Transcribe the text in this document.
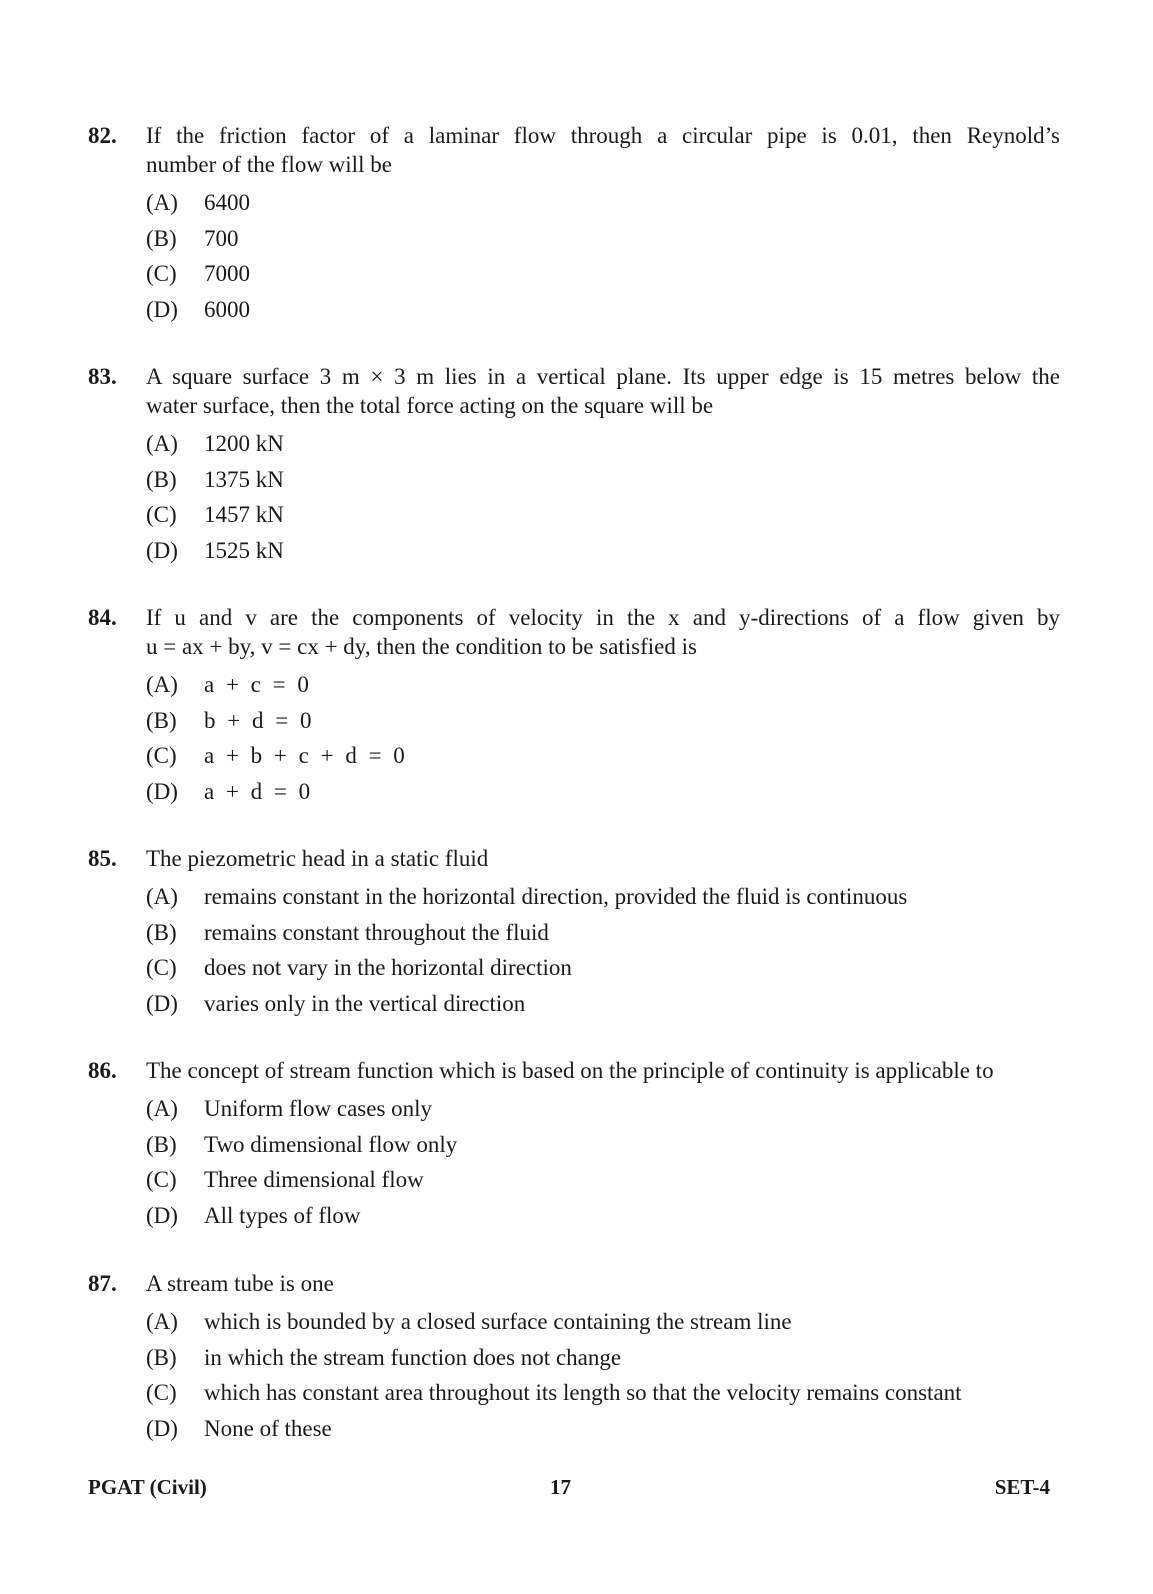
82. If the friction factor of a laminar flow through a circular pipe is 0.01, then Reynold’s
number of the flow will be
(A) 6400
(B) 700
(C) 7000
(D) 6000
83. A square surface 3 m × 3 m lies in a vertical plane. Its upper edge is 15 metres below the
water surface, then the total force acting on the square will be
(A) 1200 kN
(B) 1375 kN
(C) 1457 kN
(D) 1525 kN
84. If u and v are the components of velocity in the x and y-directions of a flow given by
u = ax + by, v = cx + dy, then the condition to be satisfied is
(A) a + c = 0
(B) b + d = 0
(C) a + b + c + d = 0
(D) a + d = 0
85. The piezometric head in a static fluid
(A) remains constant in the horizontal direction, provided the fluid is continuous
(B) remains constant throughout the fluid
(C) does not vary in the horizontal direction
(D) varies only in the vertical direction
86. The concept of stream function which is based on the principle of continuity is applicable to
(A) Uniform flow cases only
(B) Two dimensional flow only
(C) Three dimensional flow
(D) All types of flow
87. A stream tube is one
(A) which is bounded by a closed surface containing the stream line
(B) in which the stream function does not change
(C) which has constant area throughout its length so that the velocity remains constant
(D) None of these
PGAT (Civil)	17	SET-4
